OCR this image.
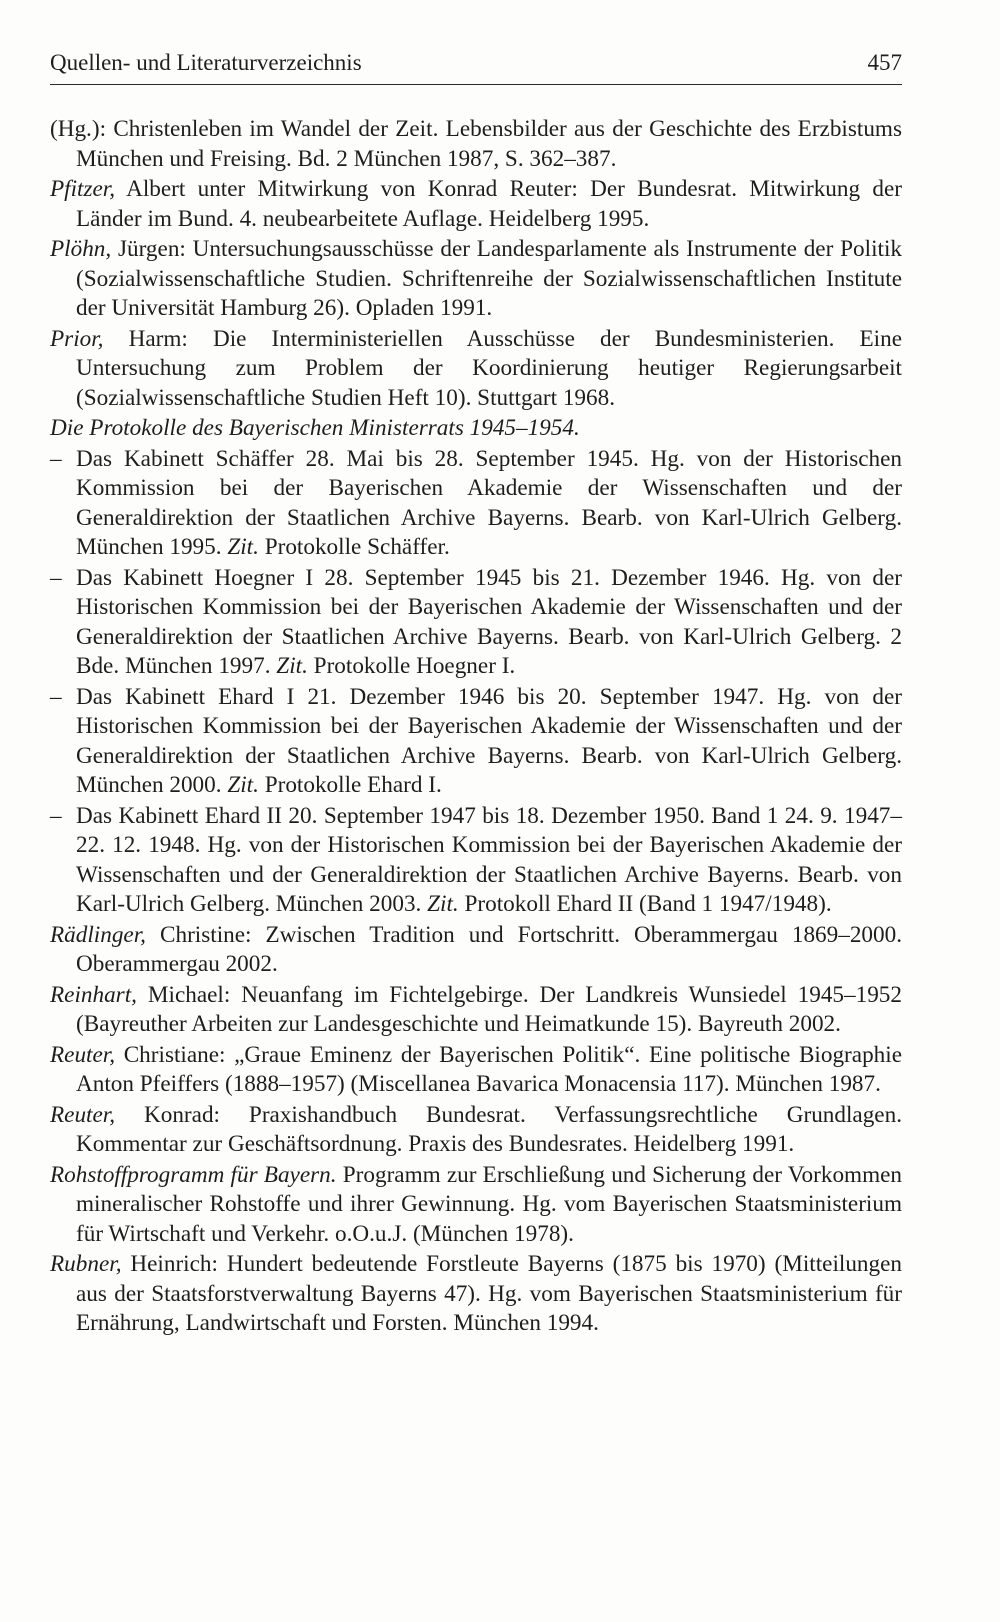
Quellen- und Literaturverzeichnis	457

(Hg.): Christenleben im Wandel der Zeit. Lebensbilder aus der Geschichte des Erzbistums München und Freising. Bd. 2 München 1987, S. 362–387.

Pfitzer, Albert unter Mitwirkung von Konrad Reuter: Der Bundesrat. Mitwirkung der Länder im Bund. 4. neubearbeitete Auflage. Heidelberg 1995.

Plöhn, Jürgen: Untersuchungsausschüsse der Landesparlamente als Instrumente der Politik (Sozialwissenschaftliche Studien. Schriftenreihe der Sozialwissenschaftlichen Institute der Universität Hamburg 26). Opladen 1991.

Prior, Harm: Die Interministeriellen Ausschüsse der Bundesministerien. Eine Untersuchung zum Problem der Koordinierung heutiger Regierungsarbeit (Sozialwissenschaftliche Studien Heft 10). Stuttgart 1968.

Die Protokolle des Bayerischen Ministerrats 1945–1954.

– Das Kabinett Schäffer 28. Mai bis 28. September 1945. Hg. von der Historischen Kommission bei der Bayerischen Akademie der Wissenschaften und der Generaldirektion der Staatlichen Archive Bayerns. Bearb. von Karl-Ulrich Gelberg. München 1995. Zit. Protokolle Schäffer.

– Das Kabinett Hoegner I 28. September 1945 bis 21. Dezember 1946. Hg. von der Historischen Kommission bei der Bayerischen Akademie der Wissenschaften und der Generaldirektion der Staatlichen Archive Bayerns. Bearb. von Karl-Ulrich Gelberg. 2 Bde. München 1997. Zit. Protokolle Hoegner I.

– Das Kabinett Ehard I 21. Dezember 1946 bis 20. September 1947. Hg. von der Historischen Kommission bei der Bayerischen Akademie der Wissenschaften und der Generaldirektion der Staatlichen Archive Bayerns. Bearb. von Karl-Ulrich Gelberg. München 2000. Zit. Protokolle Ehard I.

– Das Kabinett Ehard II 20. September 1947 bis 18. Dezember 1950. Band 1 24. 9. 1947–22. 12. 1948. Hg. von der Historischen Kommission bei der Bayerischen Akademie der Wissenschaften und der Generaldirektion der Staatlichen Archive Bayerns. Bearb. von Karl-Ulrich Gelberg. München 2003. Zit. Protokoll Ehard II (Band 1 1947/1948).

Rädlinger, Christine: Zwischen Tradition und Fortschritt. Oberammergau 1869–2000. Oberammergau 2002.

Reinhart, Michael: Neuanfang im Fichtelgebirge. Der Landkreis Wunsiedel 1945–1952 (Bayreuther Arbeiten zur Landesgeschichte und Heimatkunde 15). Bayreuth 2002.

Reuter, Christiane: „Graue Eminenz der Bayerischen Politik“. Eine politische Biographie Anton Pfeiffers (1888–1957) (Miscellanea Bavarica Monacensia 117). München 1987.

Reuter, Konrad: Praxishandbuch Bundesrat. Verfassungsrechtliche Grundlagen. Kommentar zur Geschäftsordnung. Praxis des Bundesrates. Heidelberg 1991.

Rohstoffprogramm für Bayern. Programm zur Erschließung und Sicherung der Vorkommen mineralischer Rohstoffe und ihrer Gewinnung. Hg. vom Bayerischen Staatsministerium für Wirtschaft und Verkehr. o.O.u.J. (München 1978).

Rubner, Heinrich: Hundert bedeutende Forstleute Bayerns (1875 bis 1970) (Mitteilungen aus der Staatsforstverwaltung Bayerns 47). Hg. vom Bayerischen Staatsministerium für Ernährung, Landwirtschaft und Forsten. München 1994.
